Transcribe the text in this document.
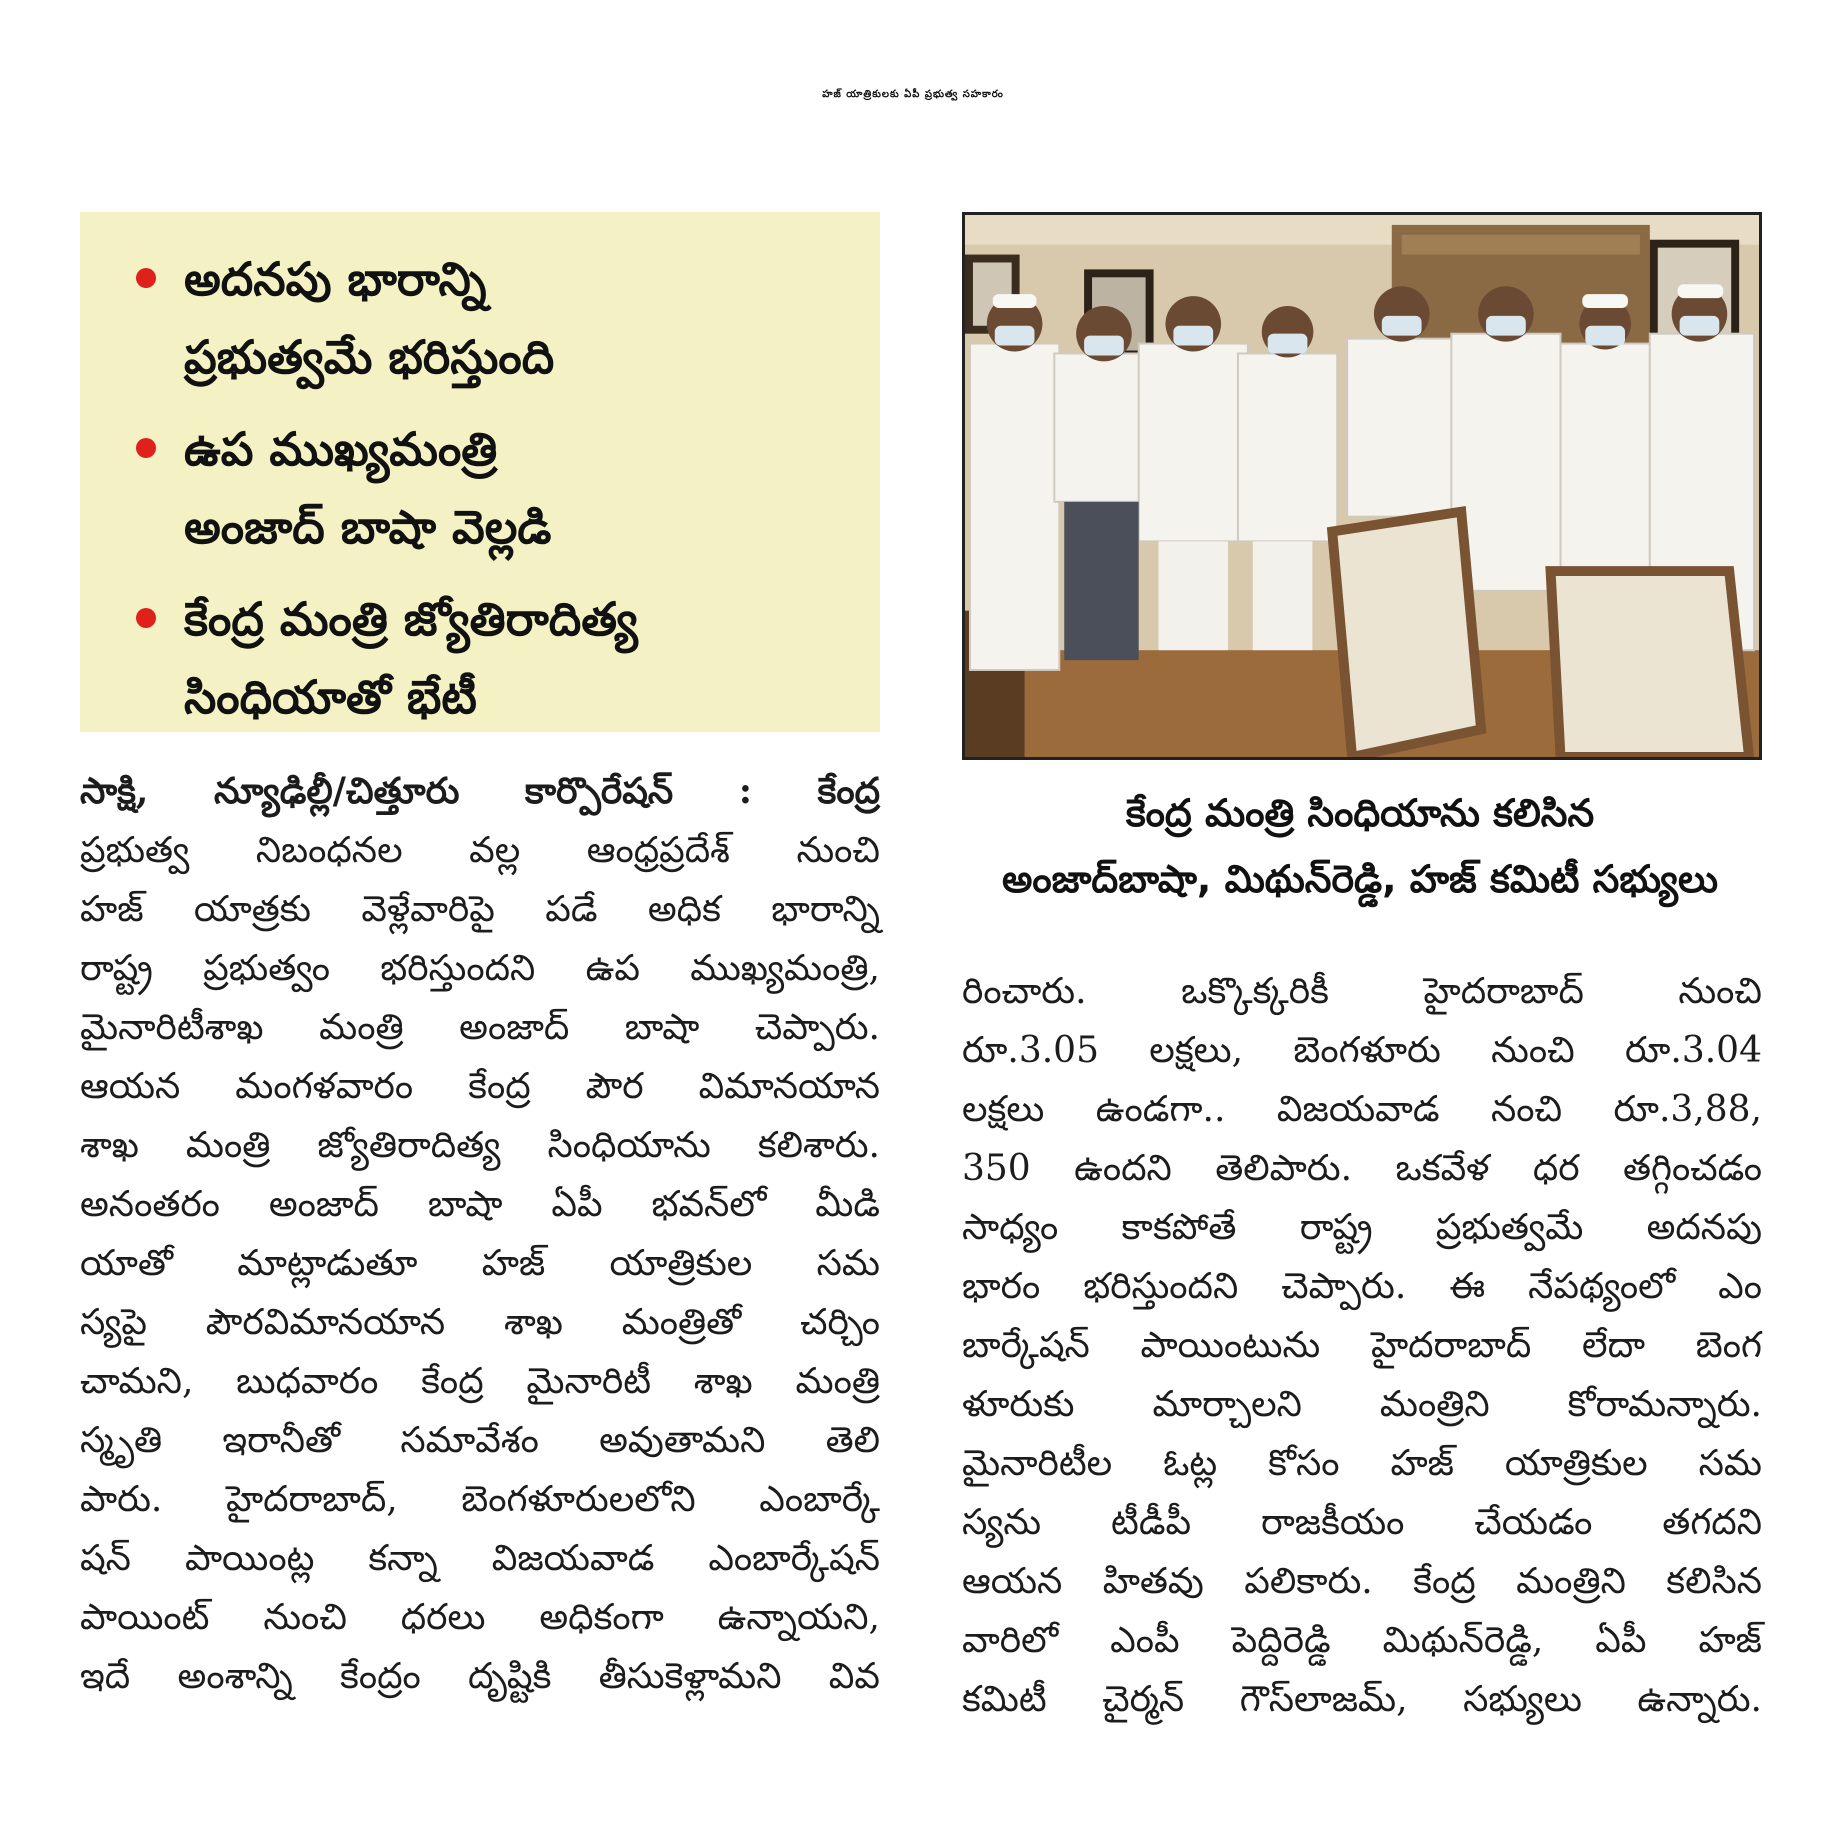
హజ్ యాత్రికులకు ఏపీ ప్రభుత్వ సహకారం
అదనపు భారాన్ని
ప్రభుత్వమే భరిస్తుంది
ఉప ముఖ్యమంత్రి
అంజాద్ బాషా వెల్లడి
కేంద్ర మంత్రి జ్యోతిరాదిత్య
సింధియాతో భేటీ
కేంద్ర మంత్రి సింధియాను కలిసిన
అంజాద్‌బాషా, మిథున్‌రెడ్డి, హజ్ కమిటీ సభ్యులు
సాక్షి, న్యూఢిల్లీ/చిత్తూరు కార్పొరేషన్ : కేంద్ర
ప్రభుత్వ నిబంధనల వల్ల ఆంధ్రప్రదేశ్ నుంచి
హజ్ యాత్రకు వెళ్లేవారిపై పడే అధిక భారాన్ని
రాష్ట్ర ప్రభుత్వం భరిస్తుందని ఉప ముఖ్యమంత్రి,
మైనారిటీశాఖ మంత్రి అంజాద్ బాషా చెప్పారు.
ఆయన మంగళవారం కేంద్ర పౌర విమానయాన
శాఖ మంత్రి జ్యోతిరాదిత్య సింధియాను కలిశారు.
అనంతరం అంజాద్ బాషా ఏపీ భవన్‌లో మీడి
యాతో మాట్లాడుతూ హజ్ యాత్రికుల సమ
స్యపై పౌరవిమానయాన శాఖ మంత్రితో చర్చిం
చామని, బుధవారం కేంద్ర మైనారిటీ శాఖ మంత్రి
స్మృతి ఇరానీతో సమావేశం అవుతామని తెలి
పారు. హైదరాబాద్, బెంగళూరులలోని ఎంబార్కే
షన్ పాయింట్ల కన్నా విజయవాడ ఎంబార్కేషన్
పాయింట్ నుంచి ధరలు అధికంగా ఉన్నాయని,
ఇదే అంశాన్ని కేంద్రం దృష్టికి తీసుకెళ్లామని వివ
రించారు. ఒక్కొక్కరికీ హైదరాబాద్ నుంచి
రూ.3.05 లక్షలు, బెంగళూరు నుంచి రూ.3.04
లక్షలు ఉండగా.. విజయవాడ నంచి రూ.3,88,
350 ఉందని తెలిపారు. ఒకవేళ ధర తగ్గించడం
సాధ్యం కాకపోతే రాష్ట్ర ప్రభుత్వమే అదనపు
భారం భరిస్తుందని చెప్పారు. ఈ నేపథ్యంలో ఎం
బార్కేషన్ పాయింటును హైదరాబాద్ లేదా బెంగ
ళూరుకు మార్చాలని మంత్రిని కోరామన్నారు.
మైనారిటీల ఓట్ల కోసం హజ్ యాత్రికుల సమ
స్యను టీడీపీ రాజకీయం చేయడం తగదని
ఆయన హితవు పలికారు. కేంద్ర మంత్రిని కలిసిన
వారిలో ఎంపీ పెద్దిరెడ్డి మిథున్‌రెడ్డి, ఏపీ హజ్
కమిటీ చైర్మన్ గౌస్‌లాజమ్, సభ్యులు ఉన్నారు.
